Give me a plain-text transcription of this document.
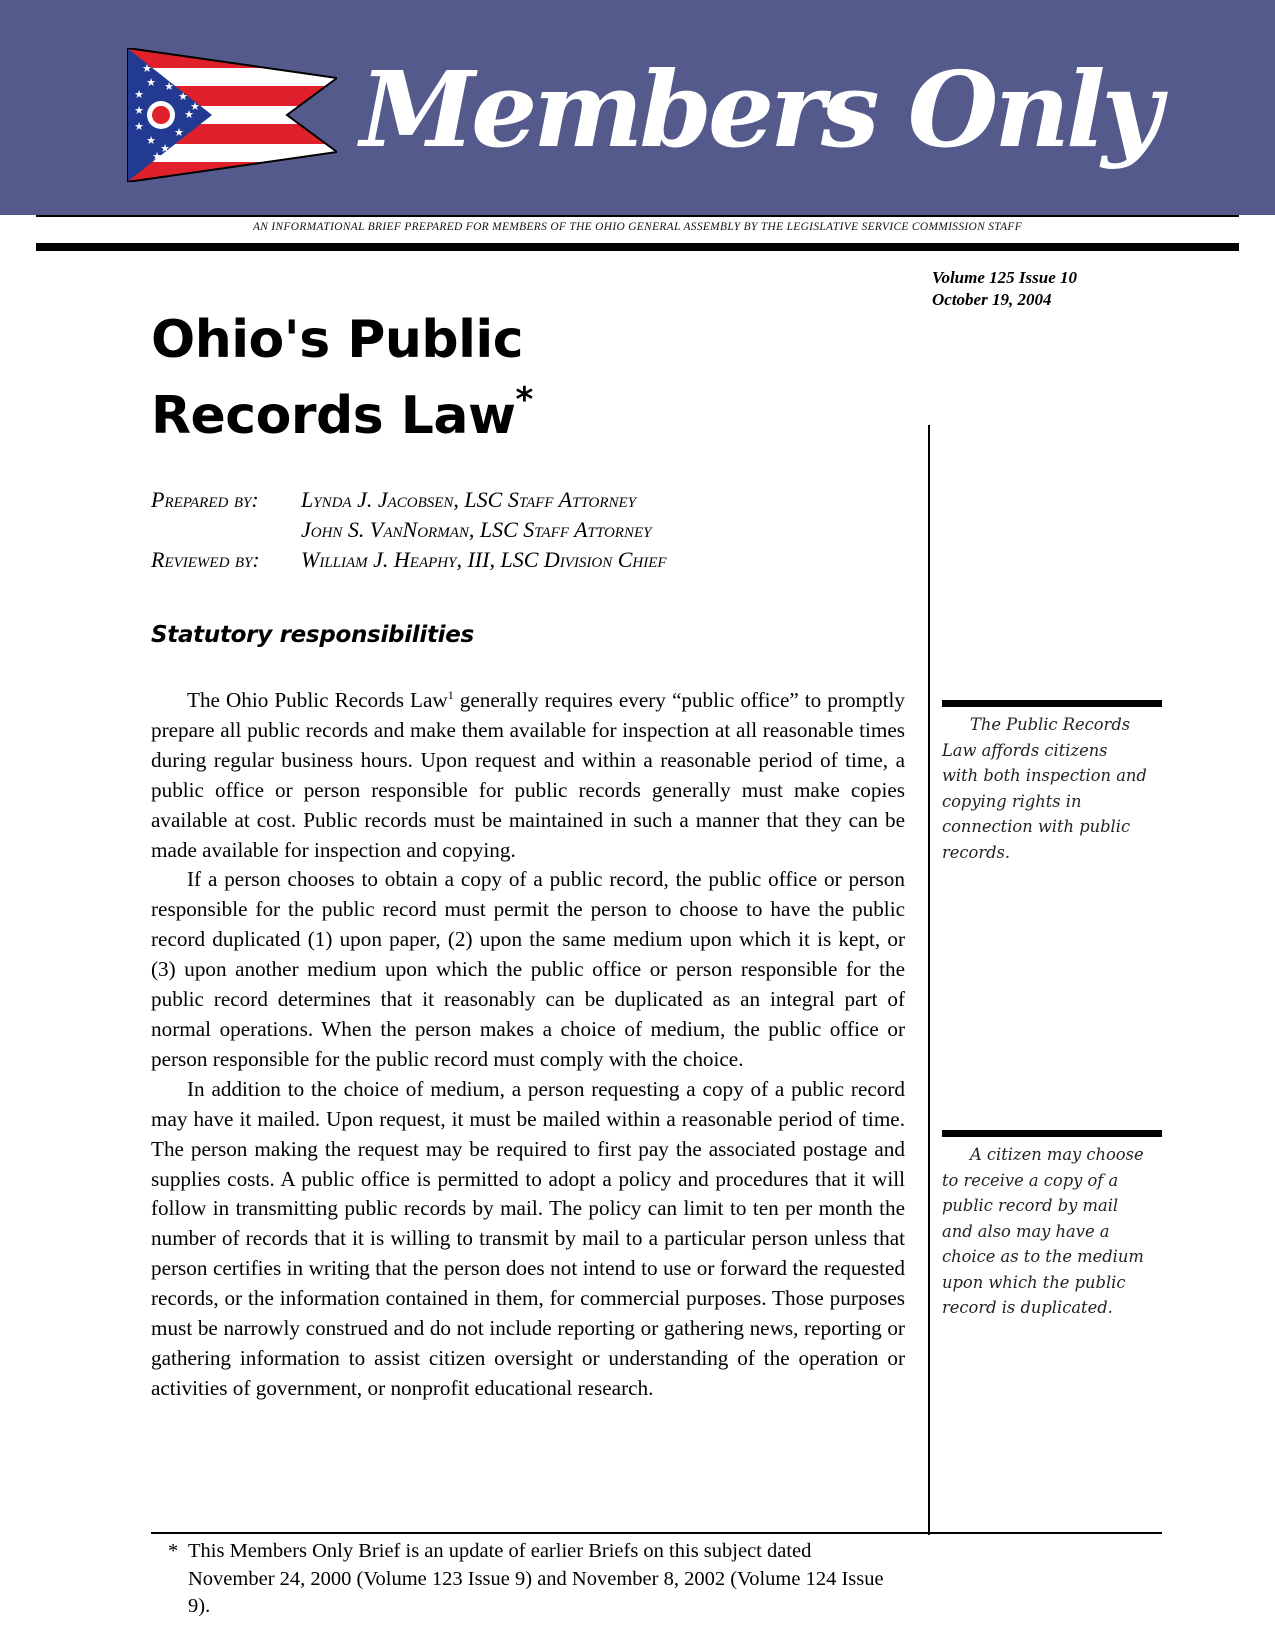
★
★
★
★
★
★
★
★
★
★
★
★
★ Members Only
AN INFORMATIONAL BRIEF PREPARED FOR MEMBERS OF THE OHIO GENERAL ASSEMBLY BY THE LEGISLATIVE SERVICE COMMISSION STAFF
Volume 125 Issue 10
October 19, 2004
Ohio's Public
Records Law*
Prepared by:	Lynda J. Jacobsen, LSC Staff Attorney
John S. VanNorman, LSC Staff Attorney
Reviewed by:	William J. Heaphy, III, LSC Division Chief
Statutory responsibilities

The Ohio Public Records Law$^1$ generally requires every “public office” to promptly prepare all public records and make them available for inspection at all reasonable times during regular business hours. Upon request and within a reasonable period of time, a public office or person responsible for public records generally must make copies available at cost. Public records must be maintained in such a manner that they can be made available for inspection and copying.

If a person chooses to obtain a copy of a public record, the public office or person responsible for the public record must permit the person to choose to have the public record duplicated (1) upon paper, (2) upon the same medium upon which it is kept, or (3) upon another medium upon which the public office or person responsible for the public record determines that it reasonably can be duplicated as an integral part of normal operations. When the person makes a choice of medium, the public office or person responsible for the public record must comply with the choice.

In addition to the choice of medium, a person requesting a copy of a public record may have it mailed. Upon request, it must be mailed within a reasonable period of time. The person making the request may be required to first pay the associated postage and supplies costs. A public office is permitted to adopt a policy and procedures that it will follow in transmitting public records by mail. The policy can limit to ten per month the number of records that it is willing to transmit by mail to a particular person unless that person certifies in writing that the person does not intend to use or forward the requested records, or the information contained in them, for commercial purposes. Those purposes must be narrowly construed and do not include reporting or gathering news, reporting or gathering information to assist citizen oversight or understanding of the operation or activities of government, or nonprofit educational research.

The Public Records Law affords citizens with both inspection and copying rights in connection with public records.
A citizen may choose to receive a copy of a public record by mail and also may have a choice as to the medium upon which the public record is duplicated.
* This Members Only Brief is an update of earlier Briefs on this subject dated November 24, 2000 (Volume 123 Issue 9) and November 8, 2002 (Volume 124 Issue 9).
